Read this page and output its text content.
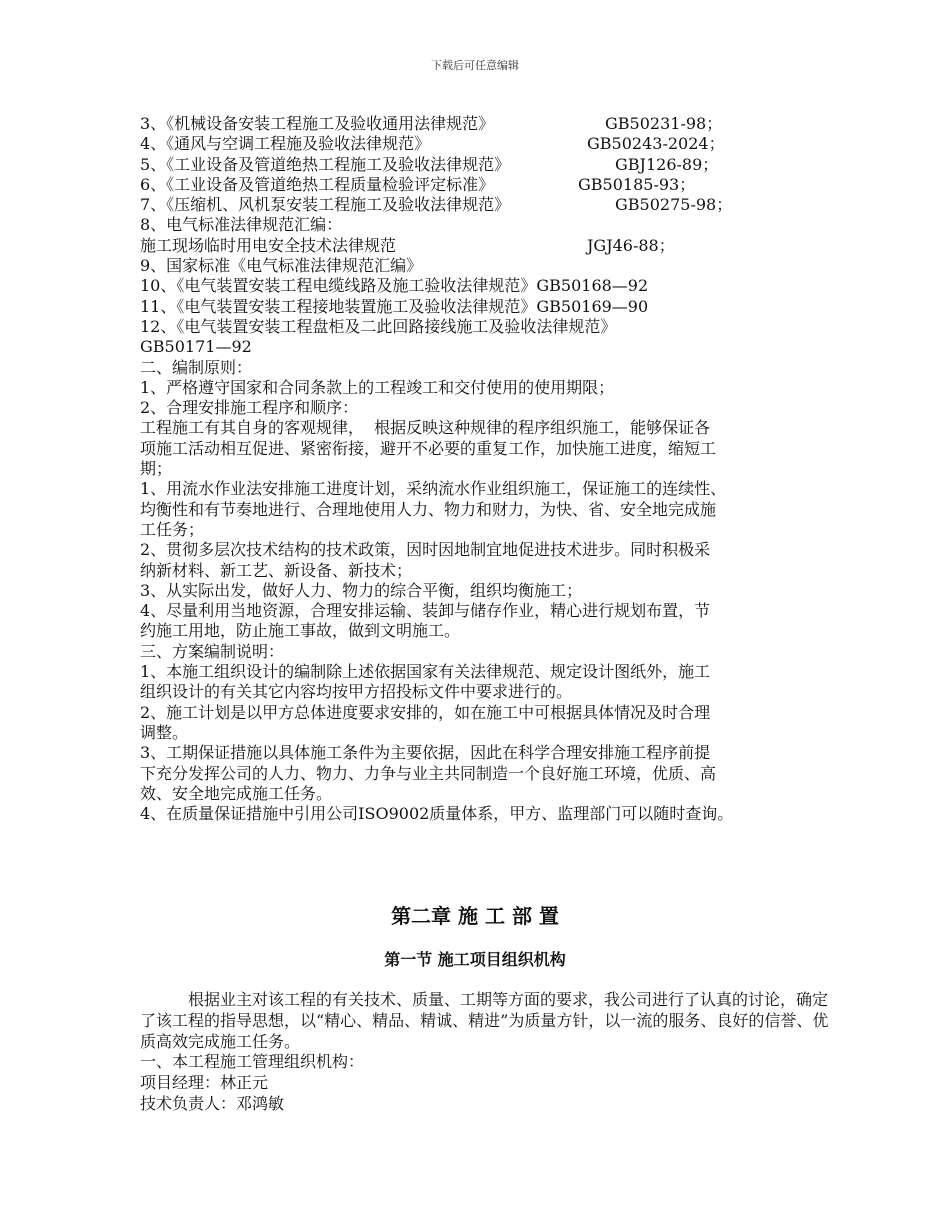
下载后可任意编辑
3、《机械设备安装工程施工及验收通用法律规范》	GB50231-98；
4、《通风与空调工程施及验收法律规范》	GB50243-2024；
5、《工业设备及管道绝热工程施工及验收法律规范》	GBJ126-89；
6、《工业设备及管道绝热工程质量检验评定标准》	GB50185-93；
7、《压缩机、风机泵安装工程施工及验收法律规范》	GB50275-98；
8、电气标准法律规范汇编：
施工现场临时用电安全技术法律规范	JGJ46-88；
9、国家标准《电气标准法律规范汇编》
10、《电气装置安装工程电缆线路及施工验收法律规范》GB50168—92
11、《电气装置安装工程接地装置施工及验收法律规范》GB50169—90
12、《电气装置安装工程盘柜及二此回路接线施工及验收法律规范》
GB50171—92
二、编制原则：
1、严格遵守国家和合同条款上的工程竣工和交付使用的使用期限；
2、合理安排施工程序和顺序：
工程施工有其自身的客观规律，  根据反映这种规律的程序组织施工，能够保证各
项施工活动相互促进、紧密衔接，避开不必要的重复工作，加快施工进度，缩短工
期；
1、用流水作业法安排施工进度计划，采纳流水作业组织施工，保证施工的连续性、
均衡性和有节奏地进行、合理地使用人力、物力和财力，为快、省、安全地完成施
工任务；
2、贯彻多层次技术结构的技术政策，因时因地制宜地促进技术进步。同时积极采
纳新材料、新工艺、新设备、新技术；
3、从实际出发，做好人力、物力的综合平衡，组织均衡施工；
4、尽量利用当地资源，合理安排运输、装卸与储存作业，精心进行规划布置，节
约施工用地，防止施工事故，做到文明施工。
三、方案编制说明：
1、本施工组织设计的编制除上述依据国家有关法律规范、规定设计图纸外，施工
组织设计的有关其它内容均按甲方招投标文件中要求进行的。
2、施工计划是以甲方总体进度要求安排的，如在施工中可根据具体情况及时合理
调整。
3、工期保证措施以具体施工条件为主要依据，因此在科学合理安排施工程序前提
下充分发挥公司的人力、物力、力争与业主共同制造一个良好施工环境，优质、高
效、安全地完成施工任务。
4、在质量保证措施中引用公司ISO9002质量体系，甲方、监理部门可以随时查询。
第二章 施 工 部 置
第一节 施工项目组织机构
根据业主对该工程的有关技术、质量、工期等方面的要求，我公司进行了认真的讨论，确定了该工程的指导思想，以“精心、精品、精诚、精进”为质量方针，以一流的服务、良好的信誉、优质高效完成施工任务。
一、本工程施工管理组织机构：
项目经理：林正元
技术负责人：邓鸿敏
